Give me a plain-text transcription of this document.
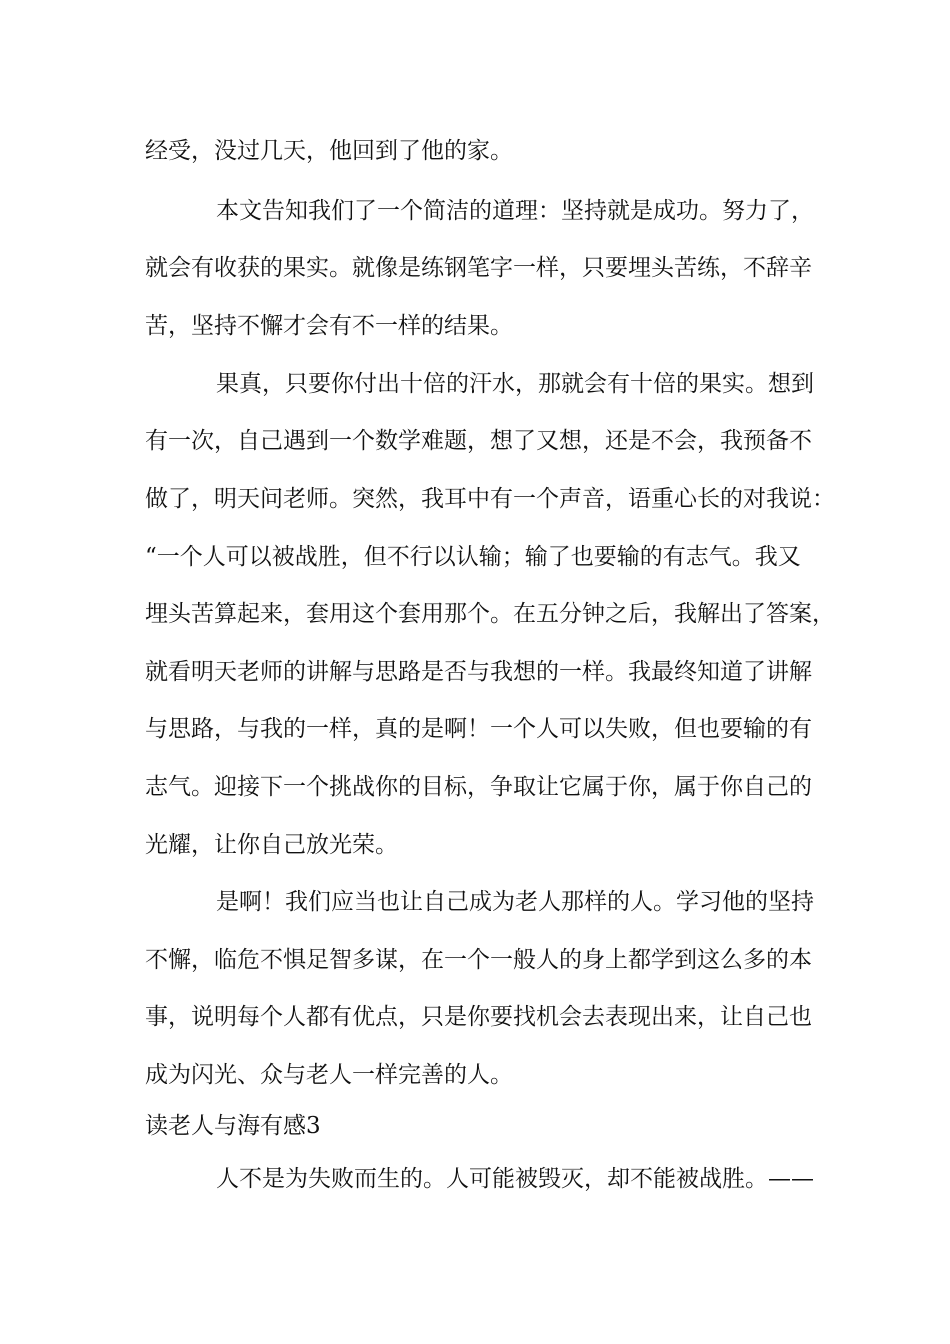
经受，没过几天，他回到了他的家。

本文告知我们了一个简洁的道理：坚持就是成功。努力了，

就会有收获的果实。就像是练钢笔字一样，只要埋头苦练，不辞辛

苦，坚持不懈才会有不一样的结果。

果真，只要你付出十倍的汗水，那就会有十倍的果实。想到

有一次，自己遇到一个数学难题，想了又想，还是不会，我预备不

做了，明天问老师。突然，我耳中有一个声音，语重心长的对我说：

“一个人可以被战胜，但不行以认输；输了也要输的有志气。我又

埋头苦算起来，套用这个套用那个。在五分钟之后，我解出了答案，

就看明天老师的讲解与思路是否与我想的一样。我最终知道了讲解

与思路，与我的一样，真的是啊！一个人可以失败，但也要输的有

志气。迎接下一个挑战你的目标，争取让它属于你，属于你自己的

光耀，让你自己放光荣。

是啊！我们应当也让自己成为老人那样的人。学习他的坚持

不懈，临危不惧足智多谋，在一个一般人的身上都学到这么多的本

事，说明每个人都有优点，只是你要找机会去表现出来，让自己也

成为闪光、众与老人一样完善的人。

读老人与海有感3

人不是为失败而生的。人可能被毁灭，却不能被战胜。——
